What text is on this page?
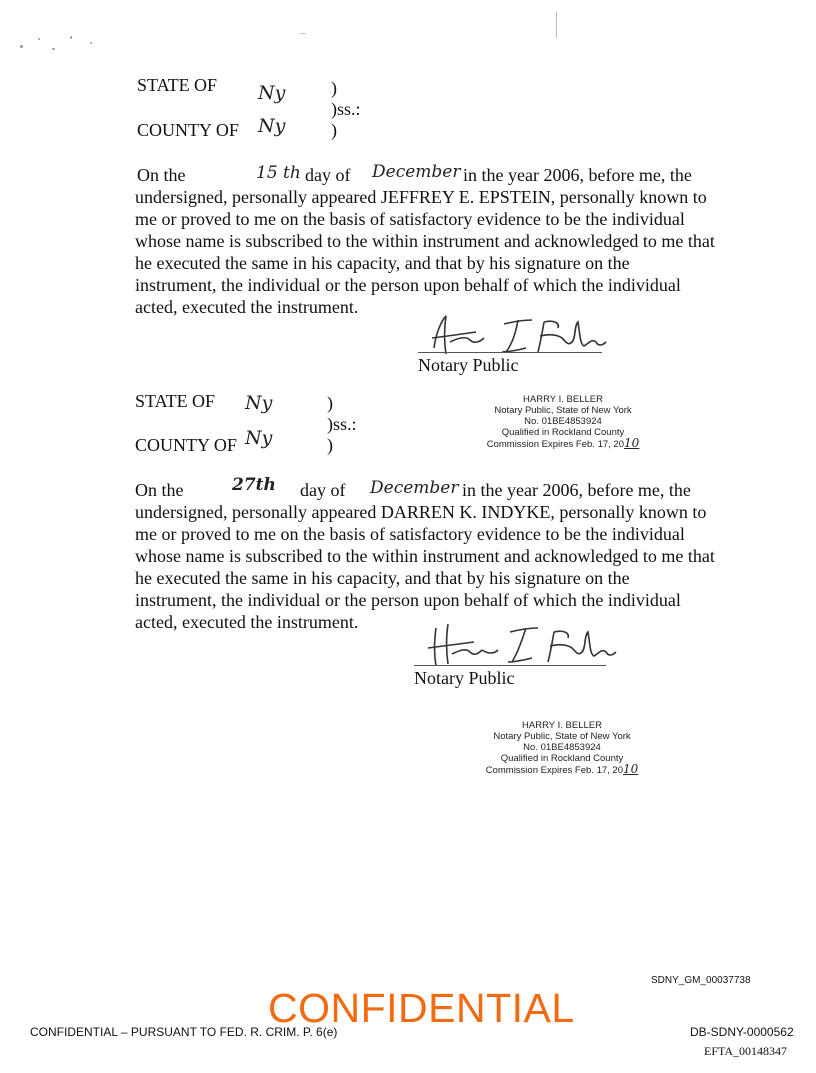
STATE OF Ny	)
)ss.:
COUNTY OF Ny	)
On the	15 th day of December in the year 2006, before me, the
undersigned, personally appeared JEFFREY E. EPSTEIN, personally known to me or proved to me on the basis of satisfactory evidence to be the individual whose name is subscribed to the within instrument and acknowledged to me that he executed the same in his capacity, and that by his signature on the instrument, the individual or the person upon behalf of which the individual acted, executed the instrument.
Notary Public
HARRY I. BELLER
Notary Public, State of New York
No. 01BE4853924
Qualified in Rockland County
Commission Expires Feb. 17, 2010
STATE OF Ny	)
)ss.:
COUNTY OF Ny	)
On the	27th day of December in the year 2006, before me, the
undersigned, personally appeared DARREN K. INDYKE, personally known to me or proved to me on the basis of satisfactory evidence to be the individual whose name is subscribed to the within instrument and acknowledged to me that he executed the same in his capacity, and that by his signature on the instrument, the individual or the person upon behalf of which the individual acted, executed the instrument.
Notary Public
HARRY I. BELLER
Notary Public, State of New York
No. 01BE4853924
Qualified in Rockland County
Commission Expires Feb. 17, 2010
SDNY_GM_00037738
CONFIDENTIAL
CONFIDENTIAL – PURSUANT TO FED. R. CRIM. P. 6(e)	DB-SDNY-0000562
EFTA_00148347
